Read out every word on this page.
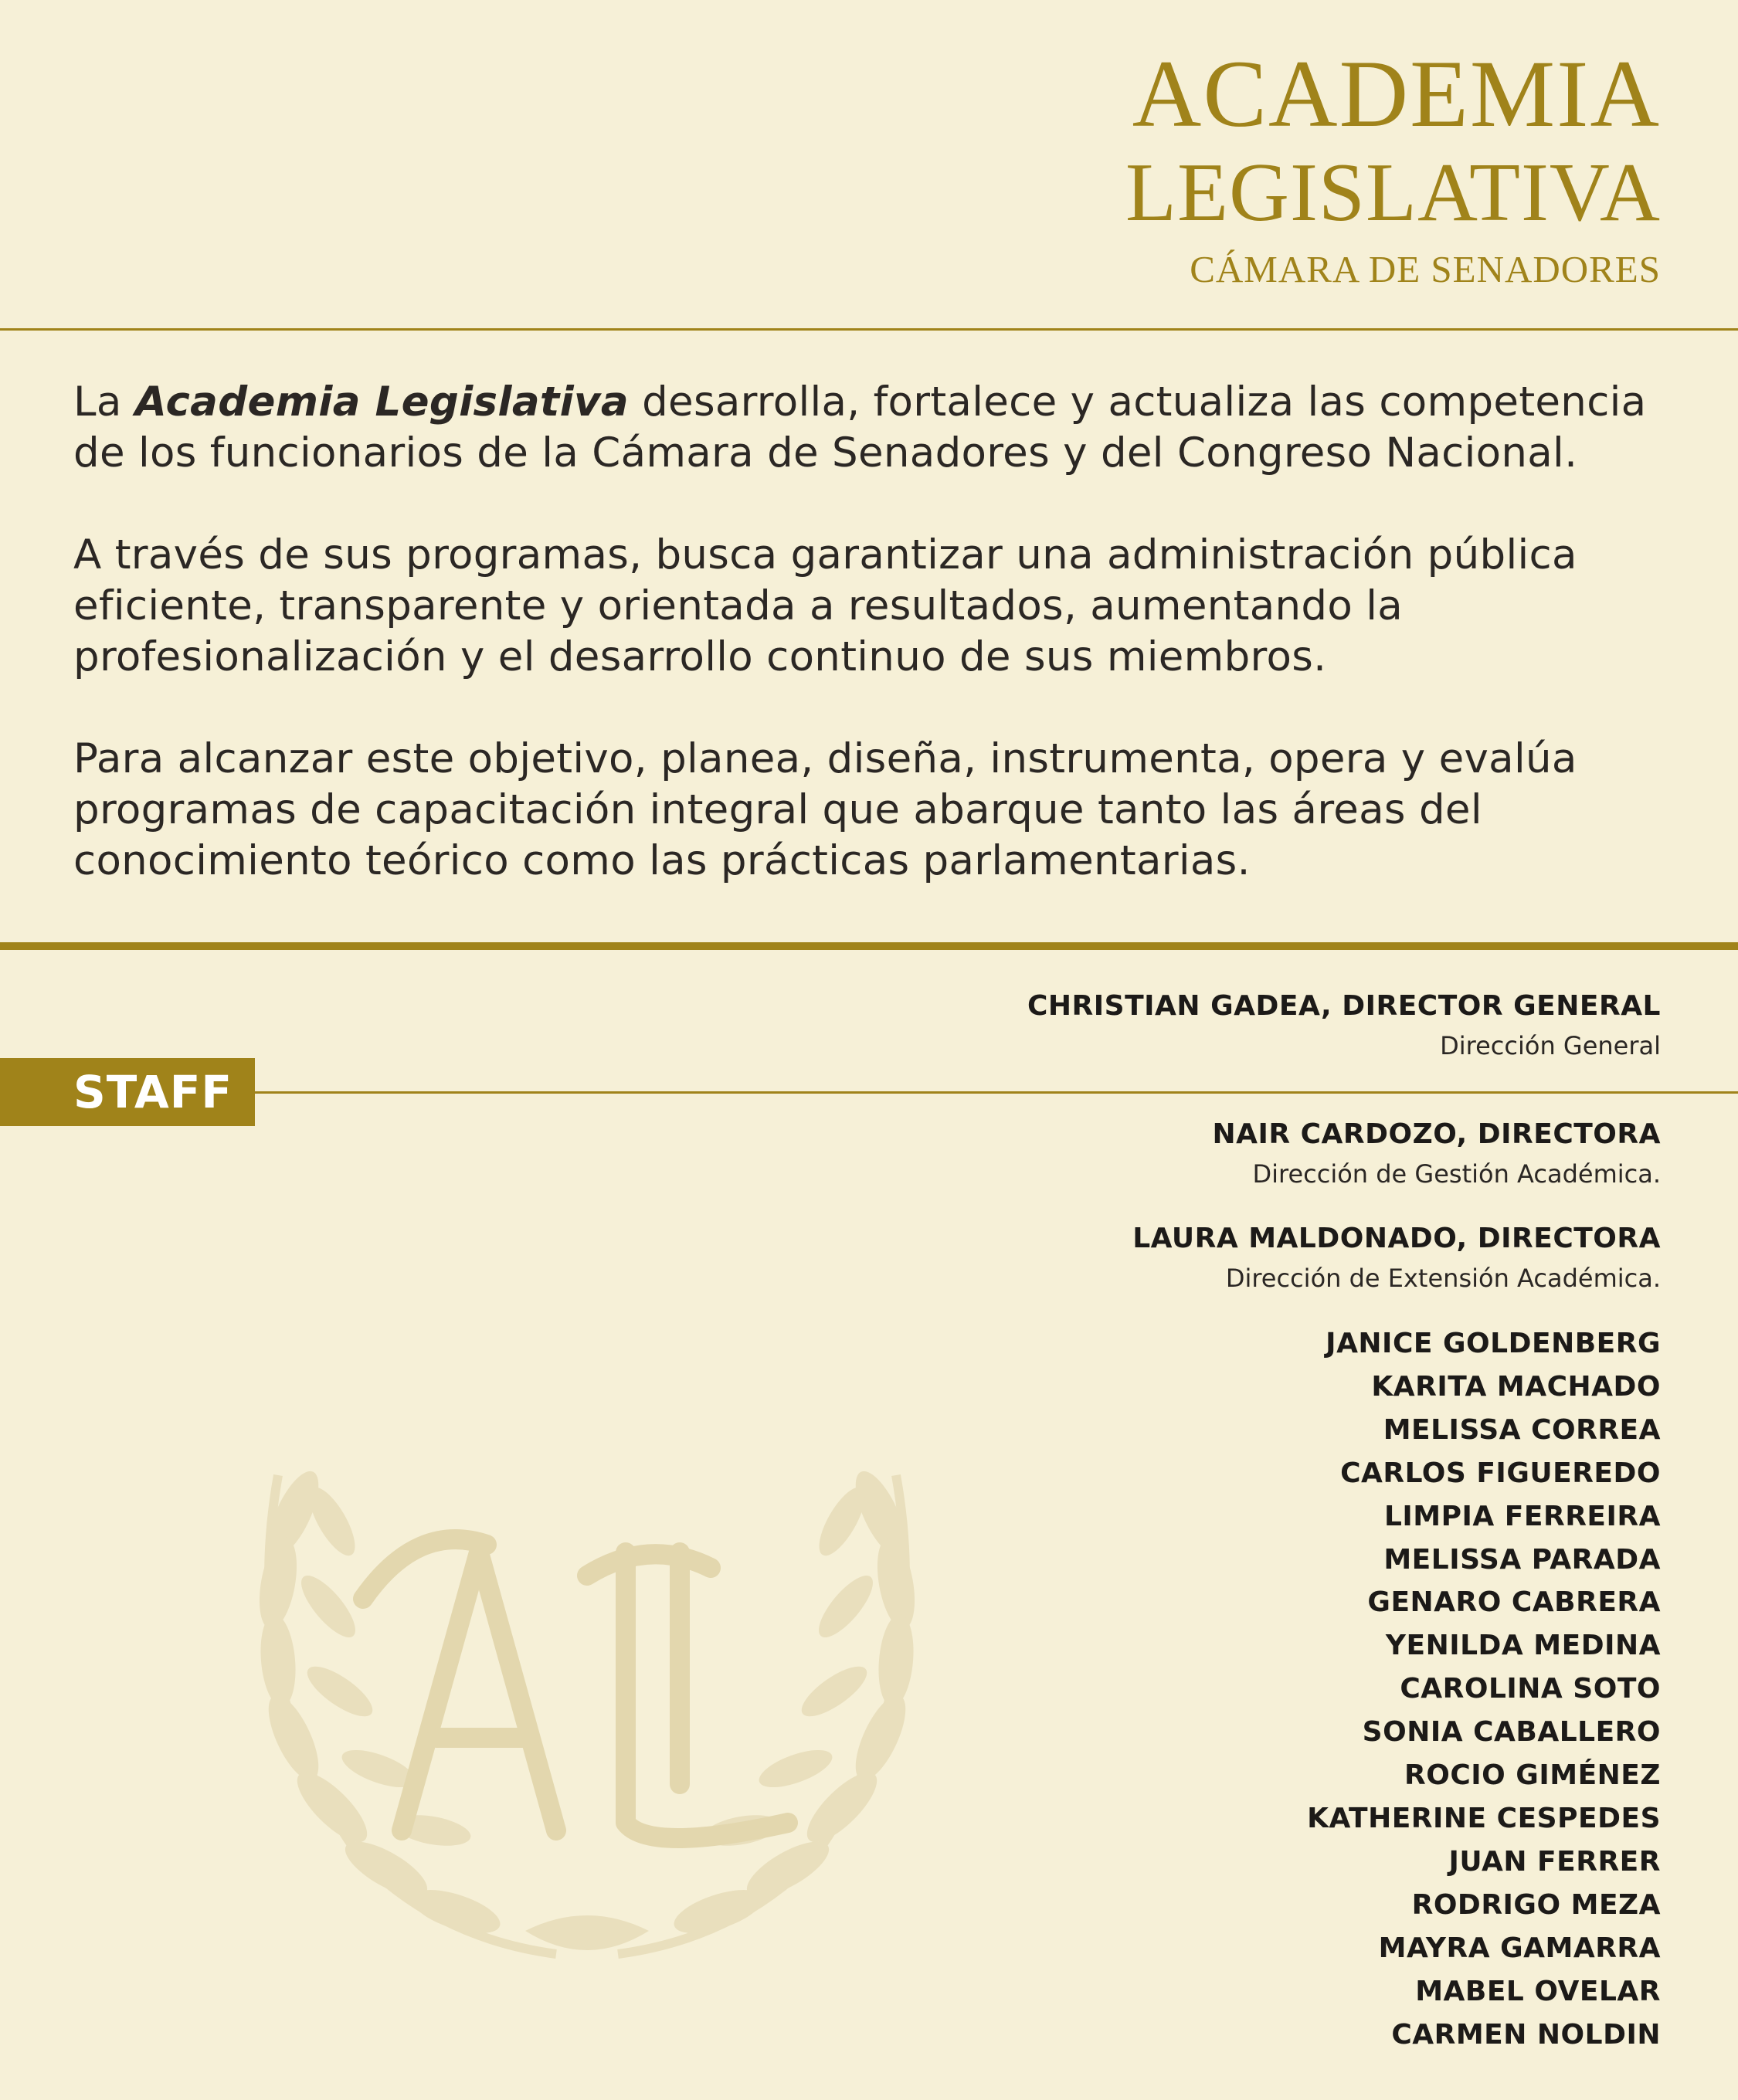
ACADEMIA
LEGISLATIVA
CÁMARA DE SENADORES

La Academia Legislativa desarrolla, fortalece y actualiza las competencia de los funcionarios de la Cámara de Senadores y del Congreso Nacional.

A través de sus programas, busca garantizar una administración pública eficiente, transparente y orientada a resultados, aumentando la profesionalización y el desarrollo continuo de sus miembros.

Para alcanzar este objetivo, planea, diseña, instrumenta, opera y evalúa programas de capacitación integral que abarque tanto las áreas del conocimiento teórico como las prácticas parlamentarias.

CHRISTIAN GADEA, DIRECTOR GENERAL
Dirección General
STAFF
NAIR CARDOZO, DIRECTORA
Dirección de Gestión Académica.
LAURA MALDONADO, DIRECTORA
Dirección de Extensión Académica.
JANICE GOLDENBERG
KARITA MACHADO
MELISSA CORREA
CARLOS FIGUEREDO
LIMPIA FERREIRA
MELISSA PARADA
GENARO CABRERA
YENILDA MEDINA
CAROLINA SOTO
SONIA CABALLERO
ROCIO GIMÉNEZ
KATHERINE CESPEDES
JUAN FERRER
RODRIGO MEZA
MAYRA GAMARRA
MABEL OVELAR
CARMEN NOLDIN
